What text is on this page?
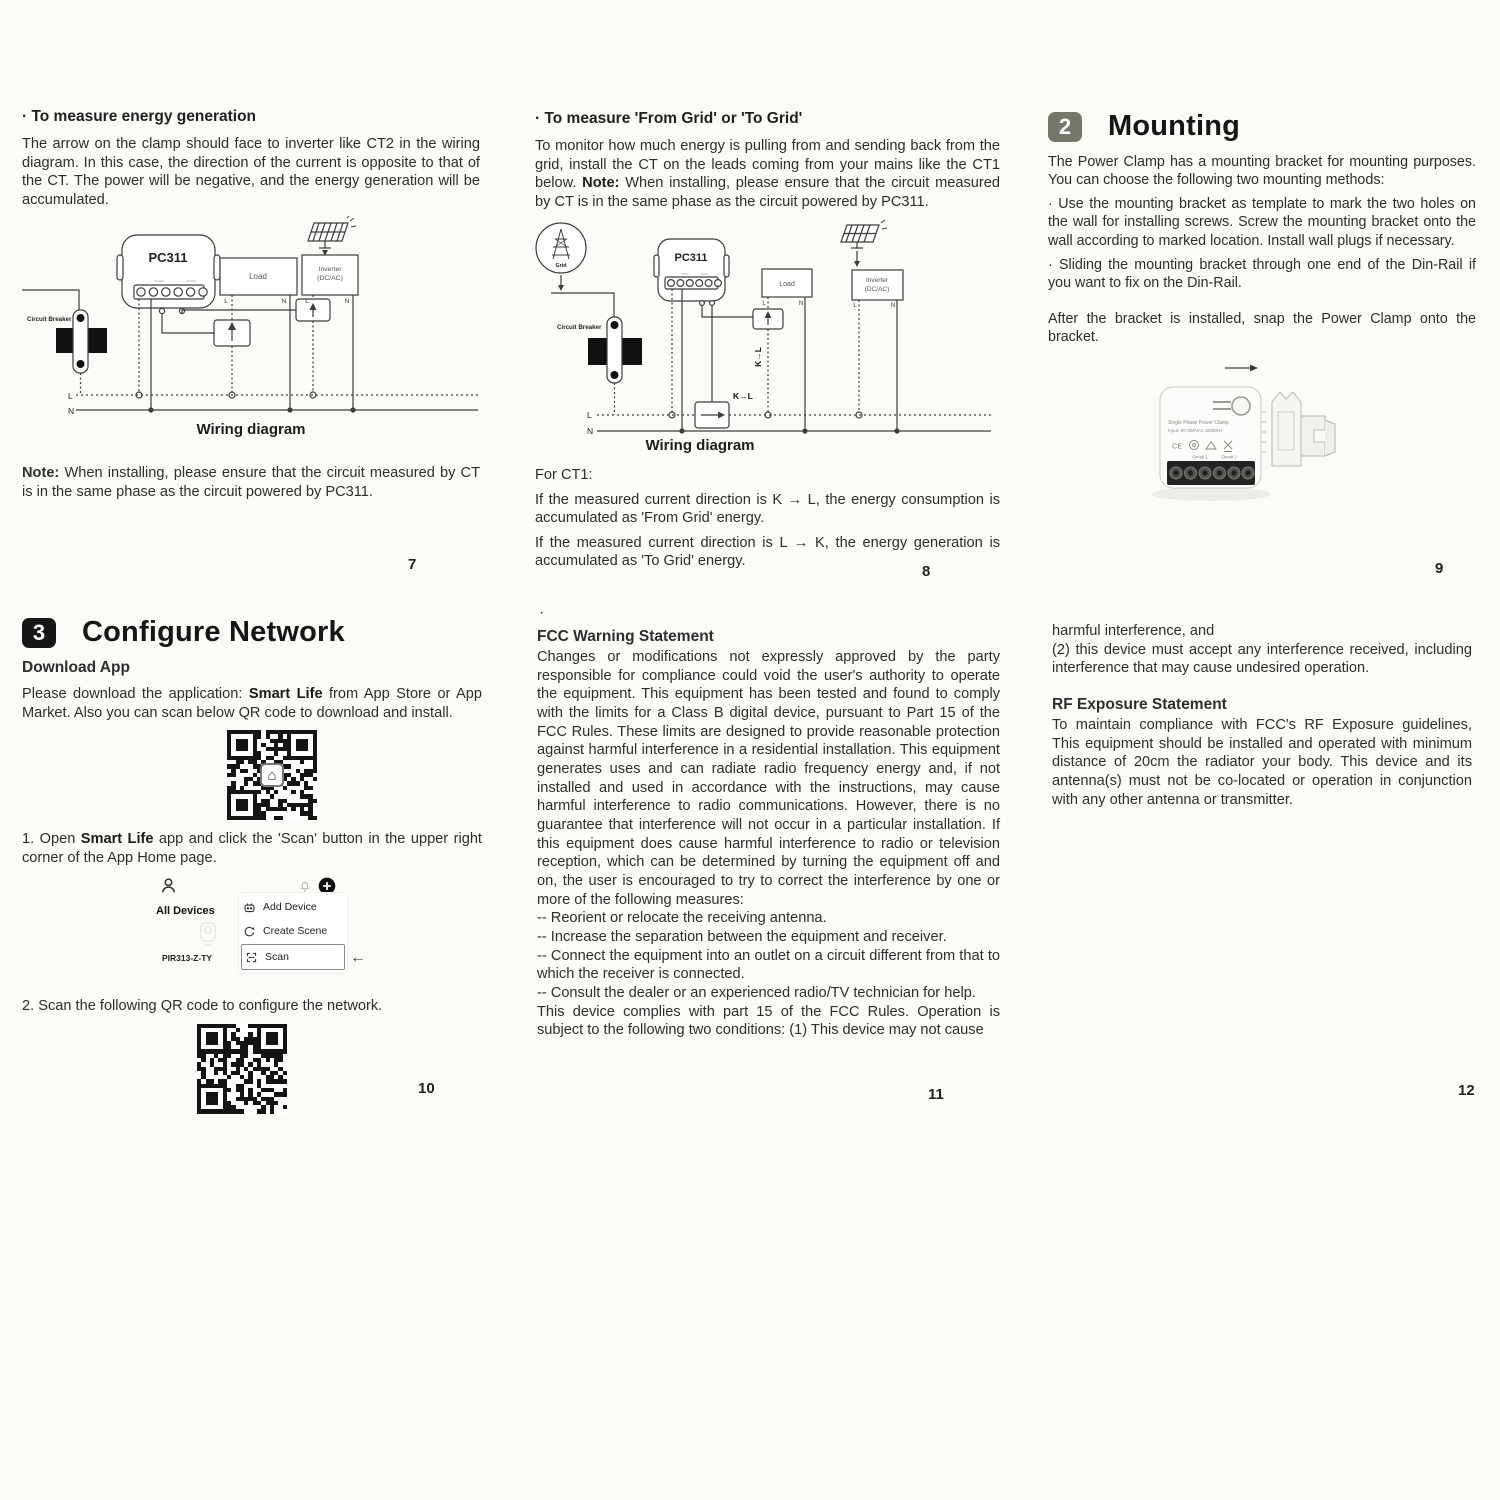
· To measure energy generation

The arrow on the clamp should face to inverter like CT2 in the wiring diagram. In this case, the direction of the current is opposite to that of the CT. The power will be negative, and the energy generation will be accumulated.

Circuit Breaker
PC311
Load
Inverter
(DC/AC)
L	N	L	N
L
N
Wiring diagram

Note: When installing, please ensure that the circuit measured by CT is in the same phase as the circuit powered by PC311.

· To measure 'From Grid' or 'To Grid'

To monitor how much energy is pulling from and sending back from the grid, install the CT on the leads coming from your mains like the CT1 below. Note: When installing, please ensure that the circuit measured by CT is in the same phase as the circuit powered by PC311.

Grid
Circuit Breaker
PC311
Load
Inverter
(DC/AC)
L	N	L	N
K→L
K→L
L
N
Wiring diagram

For CT1:

If the measured current direction is K → L, the energy consumption is accumulated as 'From Grid' energy.

If the measured current direction is L → K, the energy generation is accumulated as 'To Grid' energy.

2	Mounting

The Power Clamp has a mounting bracket for mounting purposes. You can choose the following two mounting methods:

· Use the mounting bracket as template to mark the two holes on the wall for installing screws. Screw the mounting bracket onto the wall according to marked location. Install wall plugs if necessary.

· Sliding the mounting bracket through one end of the Din-Rail if you want to fix on the Din-Rail.

After the bracket is installed, snap the Power Clamp onto the bracket.

Single Phase Power Clamp
Input: 90-250VAC 50/60Hz
CE
Circuit 1	Circuit 2
3	Configure Network
Download App

Please download the application: Smart Life from App Store or App Market. Also you can scan below QR code to download and install.

⌂

1. Open Smart Life app and click the 'Scan' button in the upper right corner of the App Home page.

All Devices	Add Device
Create Scene
Scan	←
PIR313-Z-TY

2. Scan the following QR code to configure the network.

·
FCC Warning Statement

Changes or modifications not expressly approved by the party responsible for compliance could void the user's authority to operate the equipment. This equipment has been tested and found to comply with the limits for a Class B digital device, pursuant to Part 15 of the FCC Rules. These limits are designed to provide reasonable protection against harmful interference in a residential installation. This equipment generates uses and can radiate radio frequency energy and, if not installed and used in accordance with the instructions, may cause harmful interference to radio communications. However, there is no guarantee that interference will not occur in a particular installation. If this equipment does cause harmful interference to radio or television reception, which can be determined by turning the equipment off and on, the user is encouraged to try to correct the interference by one or more of the following measures:

-- Reorient or relocate the receiving antenna.

-- Increase the separation between the equipment and receiver.

-- Connect the equipment into an outlet on a circuit different from that to which the receiver is connected.

-- Consult the dealer or an experienced radio/TV technician for help.

This device complies with part 15 of the FCC Rules. Operation is subject to the following two conditions: (1) This device may not cause

harmful interference, and

(2) this device must accept any interference received, including interference that may cause undesired operation.

RF Exposure Statement

To maintain compliance with FCC's RF Exposure guidelines, This equipment should be installed and operated with minimum distance of 20cm the radiator your body. This device and its antenna(s) must not be co-located or operation in conjunction with any other antenna or transmitter.

7	8	9
10	11	12
